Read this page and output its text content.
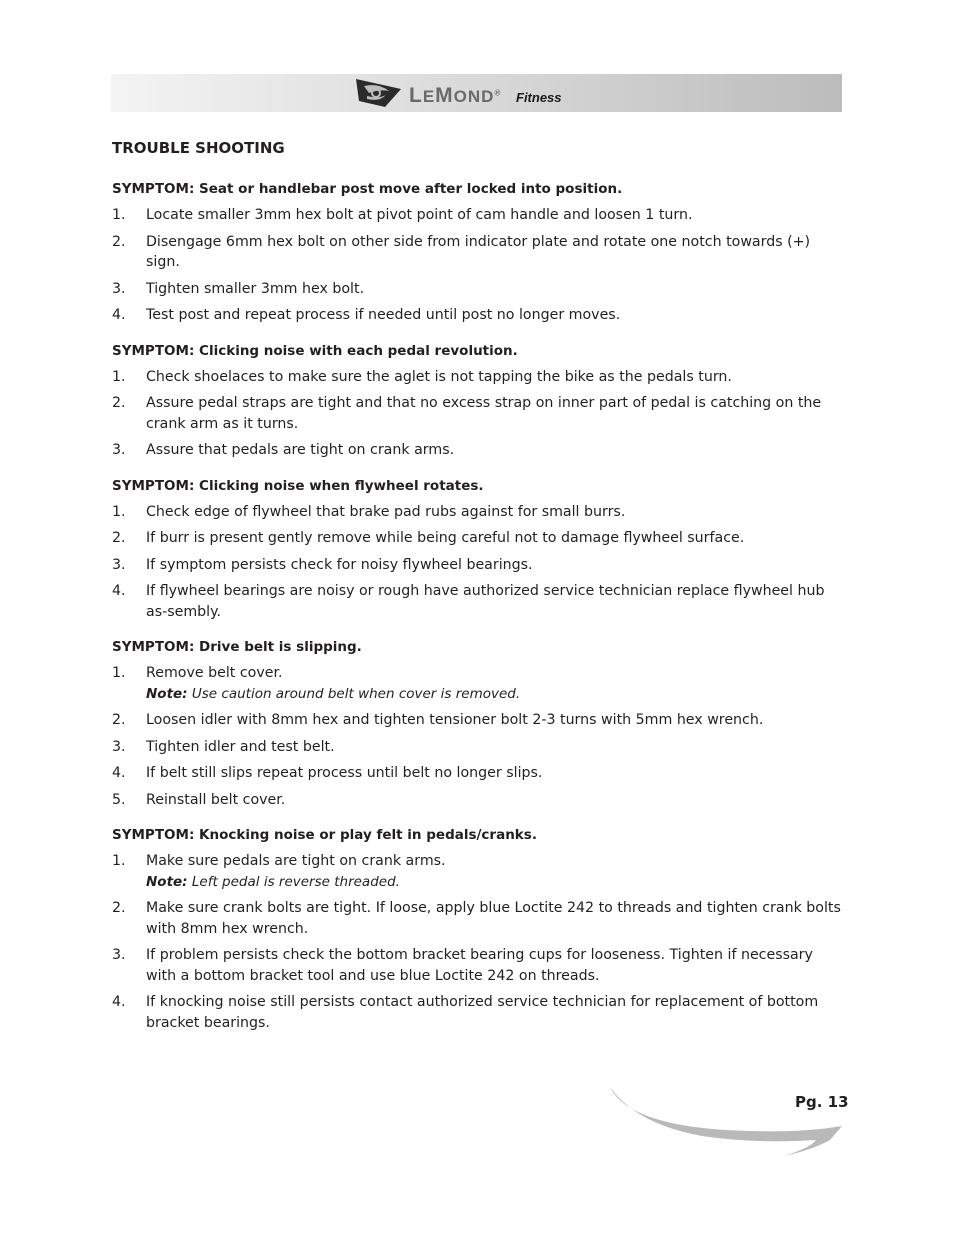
LEMOND® Fitness
TROUBLE SHOOTING
SYMPTOM: Seat or handlebar post move after locked into position.
1. Locate smaller 3mm hex bolt at pivot point of cam handle and loosen 1 turn.
2. Disengage 6mm hex bolt on other side from indicator plate and rotate one notch towards (+) sign.
3. Tighten smaller 3mm hex bolt.
4. Test post and repeat process if needed until post no longer moves.
SYMPTOM: Clicking noise with each pedal revolution.
1. Check shoelaces to make sure the aglet is not tapping the bike as the pedals turn.
2. Assure pedal straps are tight and that no excess strap on inner part of pedal is catching on the crank arm as it turns.
3. Assure that pedals are tight on crank arms.
SYMPTOM: Clicking noise when flywheel rotates.
1. Check edge of flywheel that brake pad rubs against for small burrs.
2. If burr is present gently remove while being careful not to damage flywheel surface.
3. If symptom persists check for noisy flywheel bearings.
4. If flywheel bearings are noisy or rough have authorized service technician replace flywheel hub as-sembly.
SYMPTOM: Drive belt is slipping.
1. Remove belt cover.
Note: Use caution around belt when cover is removed.
2. Loosen idler with 8mm hex and tighten tensioner bolt 2-3 turns with 5mm hex wrench.
3. Tighten idler and test belt.
4. If belt still slips repeat process until belt no longer slips.
5. Reinstall belt cover.
SYMPTOM: Knocking noise or play felt in pedals/cranks.
1. Make sure pedals are tight on crank arms.
Note: Left pedal is reverse threaded.
2. Make sure crank bolts are tight. If loose, apply blue Loctite 242 to threads and tighten crank bolts with 8mm hex wrench.
3. If problem persists check the bottom bracket bearing cups for looseness. Tighten if necessary with a bottom bracket tool and use blue Loctite 242 on threads.
4. If knocking noise still persists contact authorized service technician for replacement of bottom bracket bearings.
Pg. 13
